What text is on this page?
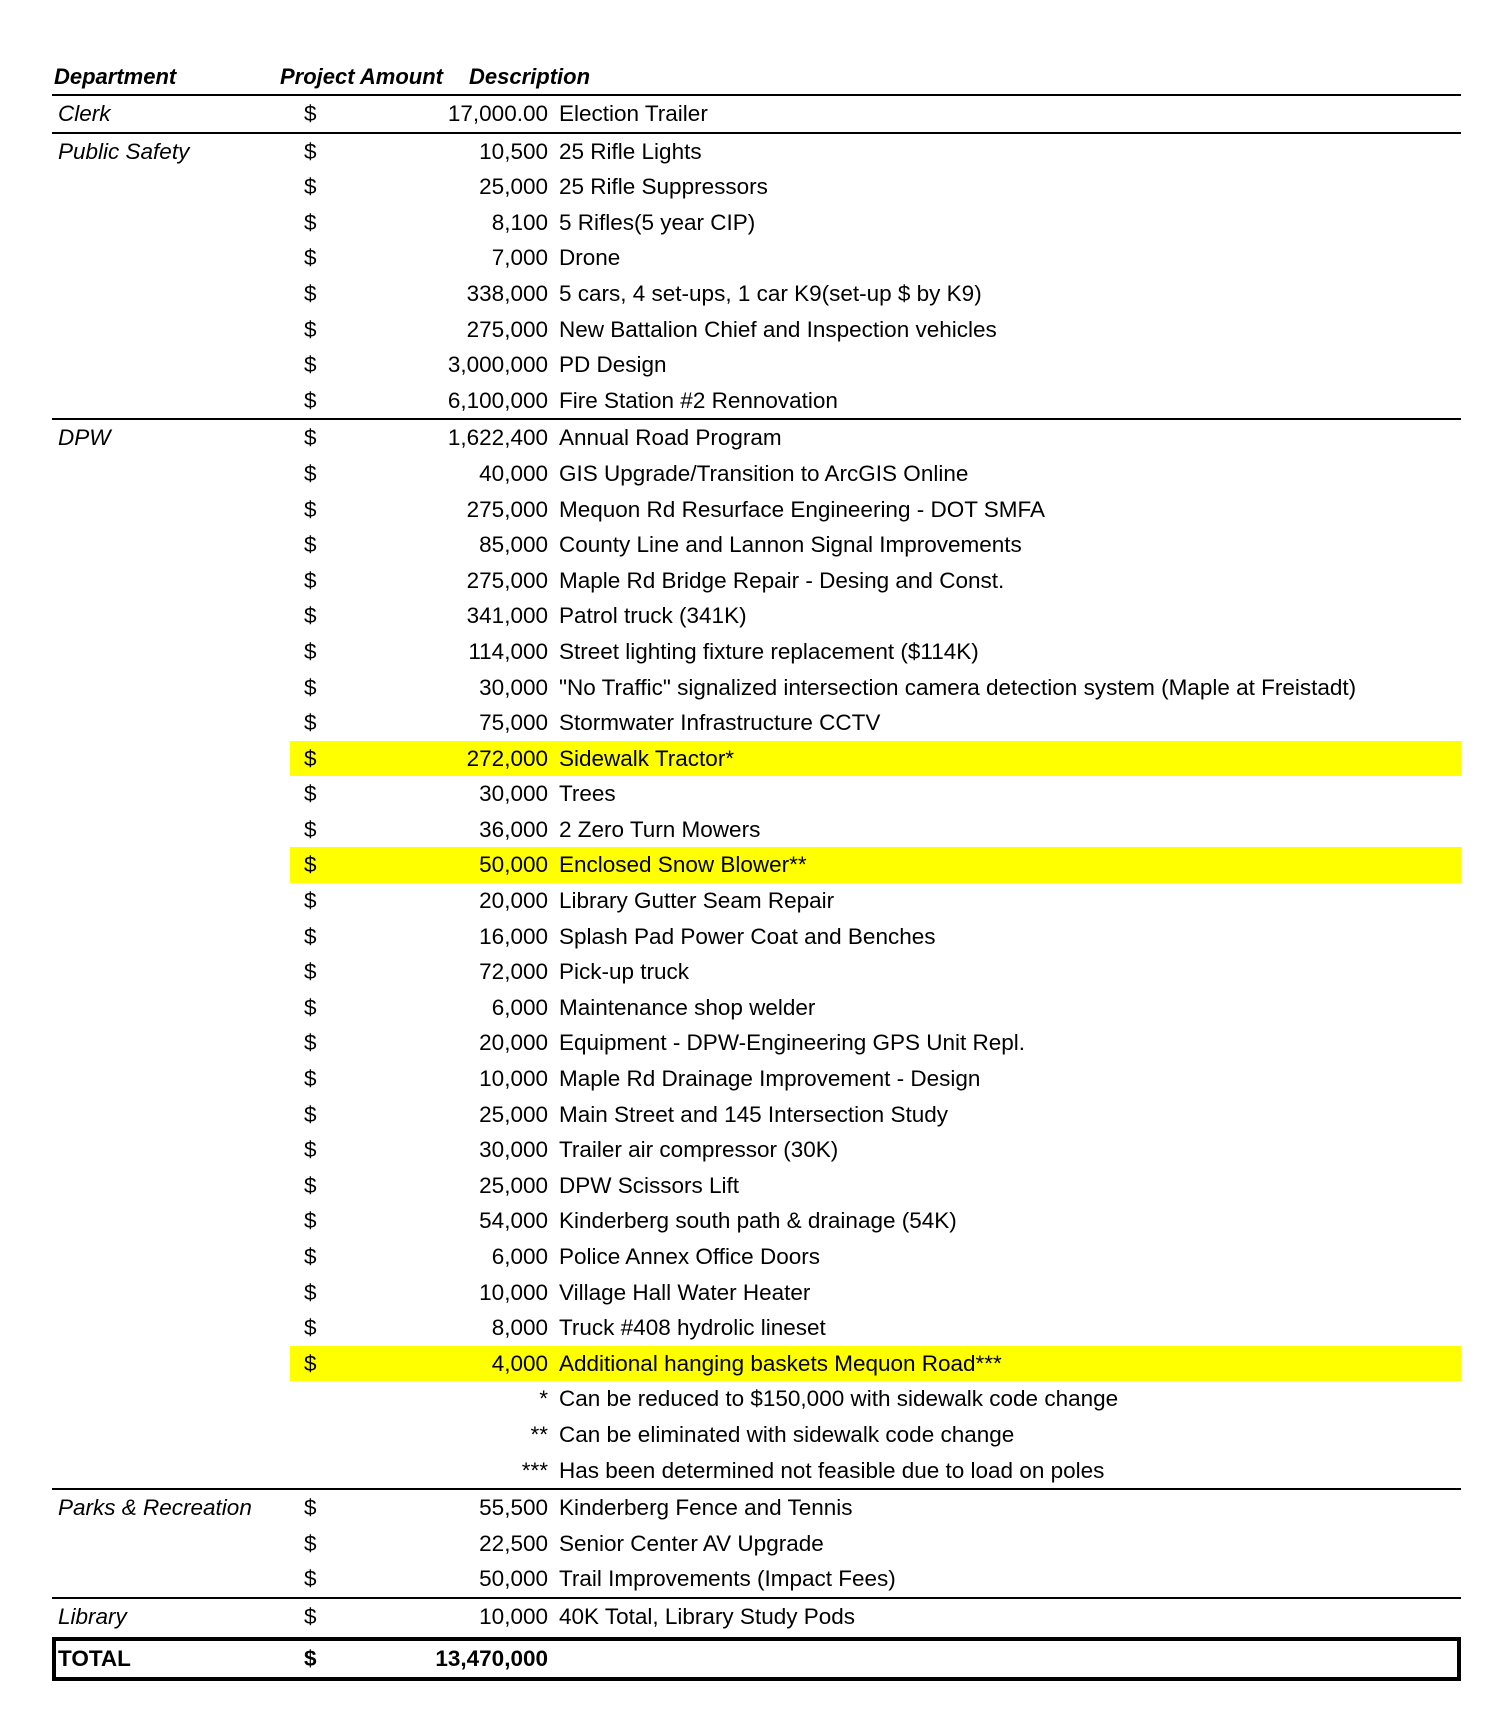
Department	Project Amount Description
Clerk	$	17,000.00 Election Trailer
Public Safety	$	10,500 25 Rifle Lights
$	25,000 25 Rifle Suppressors
$	8,100 5 Rifles(5 year CIP)
$	7,000 Drone
$	338,000 5 cars, 4 set-ups, 1 car K9(set-up $ by K9)
$	275,000 New Battalion Chief and Inspection vehicles
$	3,000,000 PD Design
$	6,100,000 Fire Station #2 Rennovation
DPW	$	1,622,400 Annual Road Program
$	40,000 GIS Upgrade/Transition to ArcGIS Online
$	275,000 Mequon Rd Resurface Engineering - DOT SMFA
$	85,000 County Line and Lannon Signal Improvements
$	275,000 Maple Rd Bridge Repair - Desing and Const.
$	341,000 Patrol truck (341K)
$	114,000 Street lighting fixture replacement ($114K)
$	30,000 "No Traffic" signalized intersection camera detection system (Maple at Freistadt)
$	75,000 Stormwater Infrastructure CCTV
$	272,000 Sidewalk Tractor*
$	30,000 Trees
$	36,000 2 Zero Turn Mowers
$	50,000 Enclosed Snow Blower**
$	20,000 Library Gutter Seam Repair
$	16,000 Splash Pad Power Coat and Benches
$	72,000 Pick-up truck
$	6,000 Maintenance shop welder
$	20,000 Equipment - DPW-Engineering GPS Unit Repl.
$	10,000 Maple Rd Drainage Improvement - Design
$	25,000 Main Street and 145 Intersection Study
$	30,000 Trailer air compressor (30K)
$	25,000 DPW Scissors Lift
$	54,000 Kinderberg south path & drainage (54K)
$	6,000 Police Annex Office Doors
$	10,000 Village Hall Water Heater
$	8,000 Truck #408 hydrolic lineset
$	4,000 Additional hanging baskets Mequon Road***
* Can be reduced to $150,000 with sidewalk code change
** Can be eliminated with sidewalk code change
*** Has been determined not feasible due to load on poles
Parks & Recreation $	55,500 Kinderberg Fence and Tennis
$	22,500 Senior Center AV Upgrade
$	50,000 Trail Improvements (Impact Fees)
Library	$	10,000 40K Total, Library Study Pods
TOTAL	$	13,470,000
